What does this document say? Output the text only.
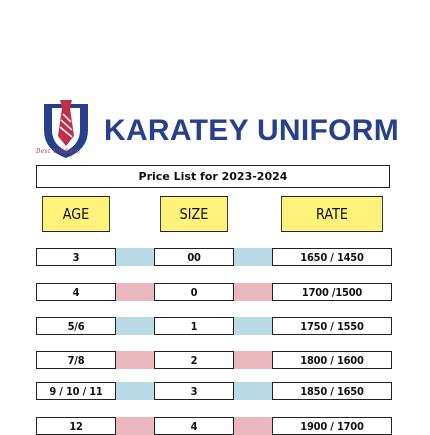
Best Uniform
KARATEY UNIFORM
Price List for 2023-2024
AGE	SIZE	RATE
3	00	1650 / 1450
4	0	1700 /1500
5/6	1	1750 / 1550
7/8	2	1800 / 1600
9 / 10 / 11	3	1850 / 1650
12	4	1900 / 1700
